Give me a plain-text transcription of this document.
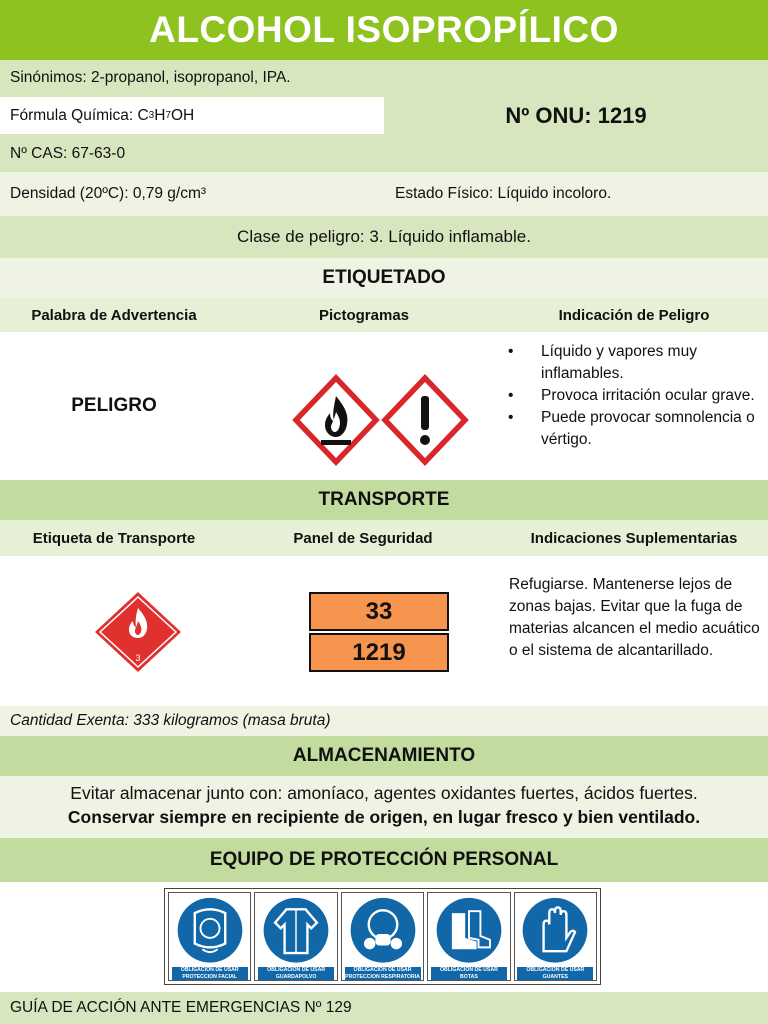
ALCOHOL ISOPROPÍLICO
Sinónimos: 2-propanol, isopropanol, IPA.
Fórmula Química: C 3 H 7 OH	Nº ONU: 1219
Nº CAS: 67-63-0
Densidad (20ºC): 0,79 g/cm³	Estado Físico: Líquido incoloro.
Clase de peligro: 3. Líquido inflamable.
ETIQUETADO
Palabra de Advertencia	Pictogramas	Indicación de Peligro
PELIGRO
• Líquido y vapores muy inflamables.
• Provoca irritación ocular grave.
• Puede provocar somnolencia o vértigo.
TRANSPORTE
Etiqueta de Transporte	Panel de Seguridad	Indicaciones Suplementarias
3
33
1219
Refugiarse. Mantenerse lejos de zonas bajas. Evitar que la fuga de materias alcancen el medio acuático o el sistema de alcantarillado.
Cantidad Exenta: 333 kilogramos (masa bruta)
ALMACENAMIENTO
Evitar almacenar junto con: amoníaco, agentes oxidantes fuertes, ácidos fuertes.
Conservar siempre en recipiente de origen, en lugar fresco y bien ventilado.
EQUIPO DE PROTECCIÓN PERSONAL
OBLIGACION DE USAR PROTECCION FACIAL
OBLIGACION DE USAR GUARDAPOLVO
OBLIGACION DE USAR PROTECCION RESPIRATORIA
OBLIGACION DE USAR BOTAS
OBLIGACION DE USAR GUANTES
GUÍA DE ACCIÓN ANTE EMERGENCIAS Nº 129
